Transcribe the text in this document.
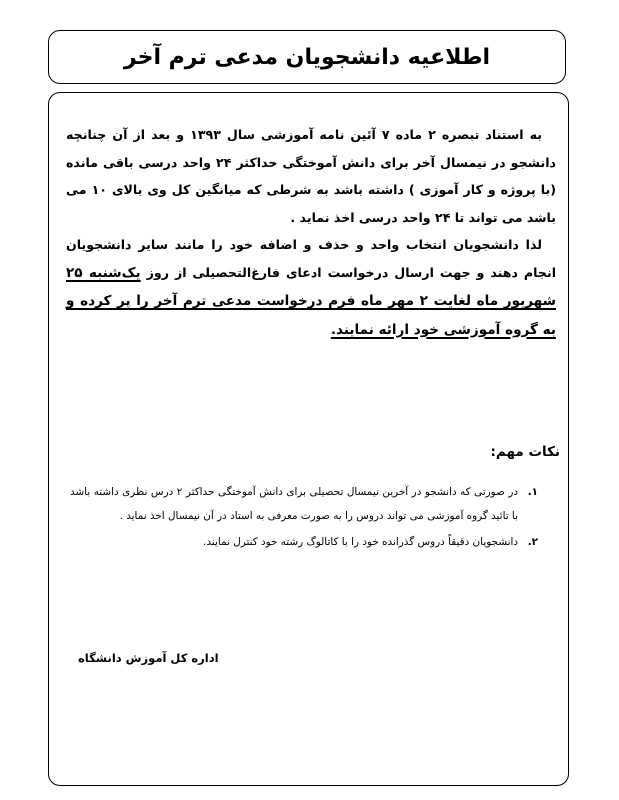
اطلاعیه دانشجویان مدعی ترم آخر

به استناد تبصره ۲ ماده ۷ آئین نامه آموزشی سال ۱۳۹۳ و بعد از آن چنانچه دانشجو در نیمسال آخر برای دانش آموختگی حداکثر ۲۴ واحد درسی باقی مانده (با پروژه و کار آموزی ) داشته باشد به شرطی که میانگین کل وی بالای ۱۰ می باشد می تواند تا ۲۴ واحد درسی اخذ نماید .

لذا دانشجویان انتخاب واحد و حذف و اضافه خود را مانند سایر دانشجویان انجام دهند و جهت ارسال درخواست ادعای فارغ‌التحصیلی از روز یک‌شنبه ۲۵ شهریور ماه لغایت ۲ مهر ماه فرم درخواست مدعی ترم آخر را پر کرده و به گروه آموزشی خود ارائه نمایند.

نکات مهم:
۱.
در صورتی که دانشجو در آخرین نیمسال تحصیلی برای دانش آموختگی حداکثر ۲ درس نظری داشته باشد با تائید گروه آموزشی می تواند دروس را به صورت معرفی به استاد در آن نیمسال اخذ نماید .
۲.
دانشجویان دقیقاً دروس گذرانده خود را با کاتالوگ رشته خود کنترل نمایند.

اداره کل آموزش دانشگاه
